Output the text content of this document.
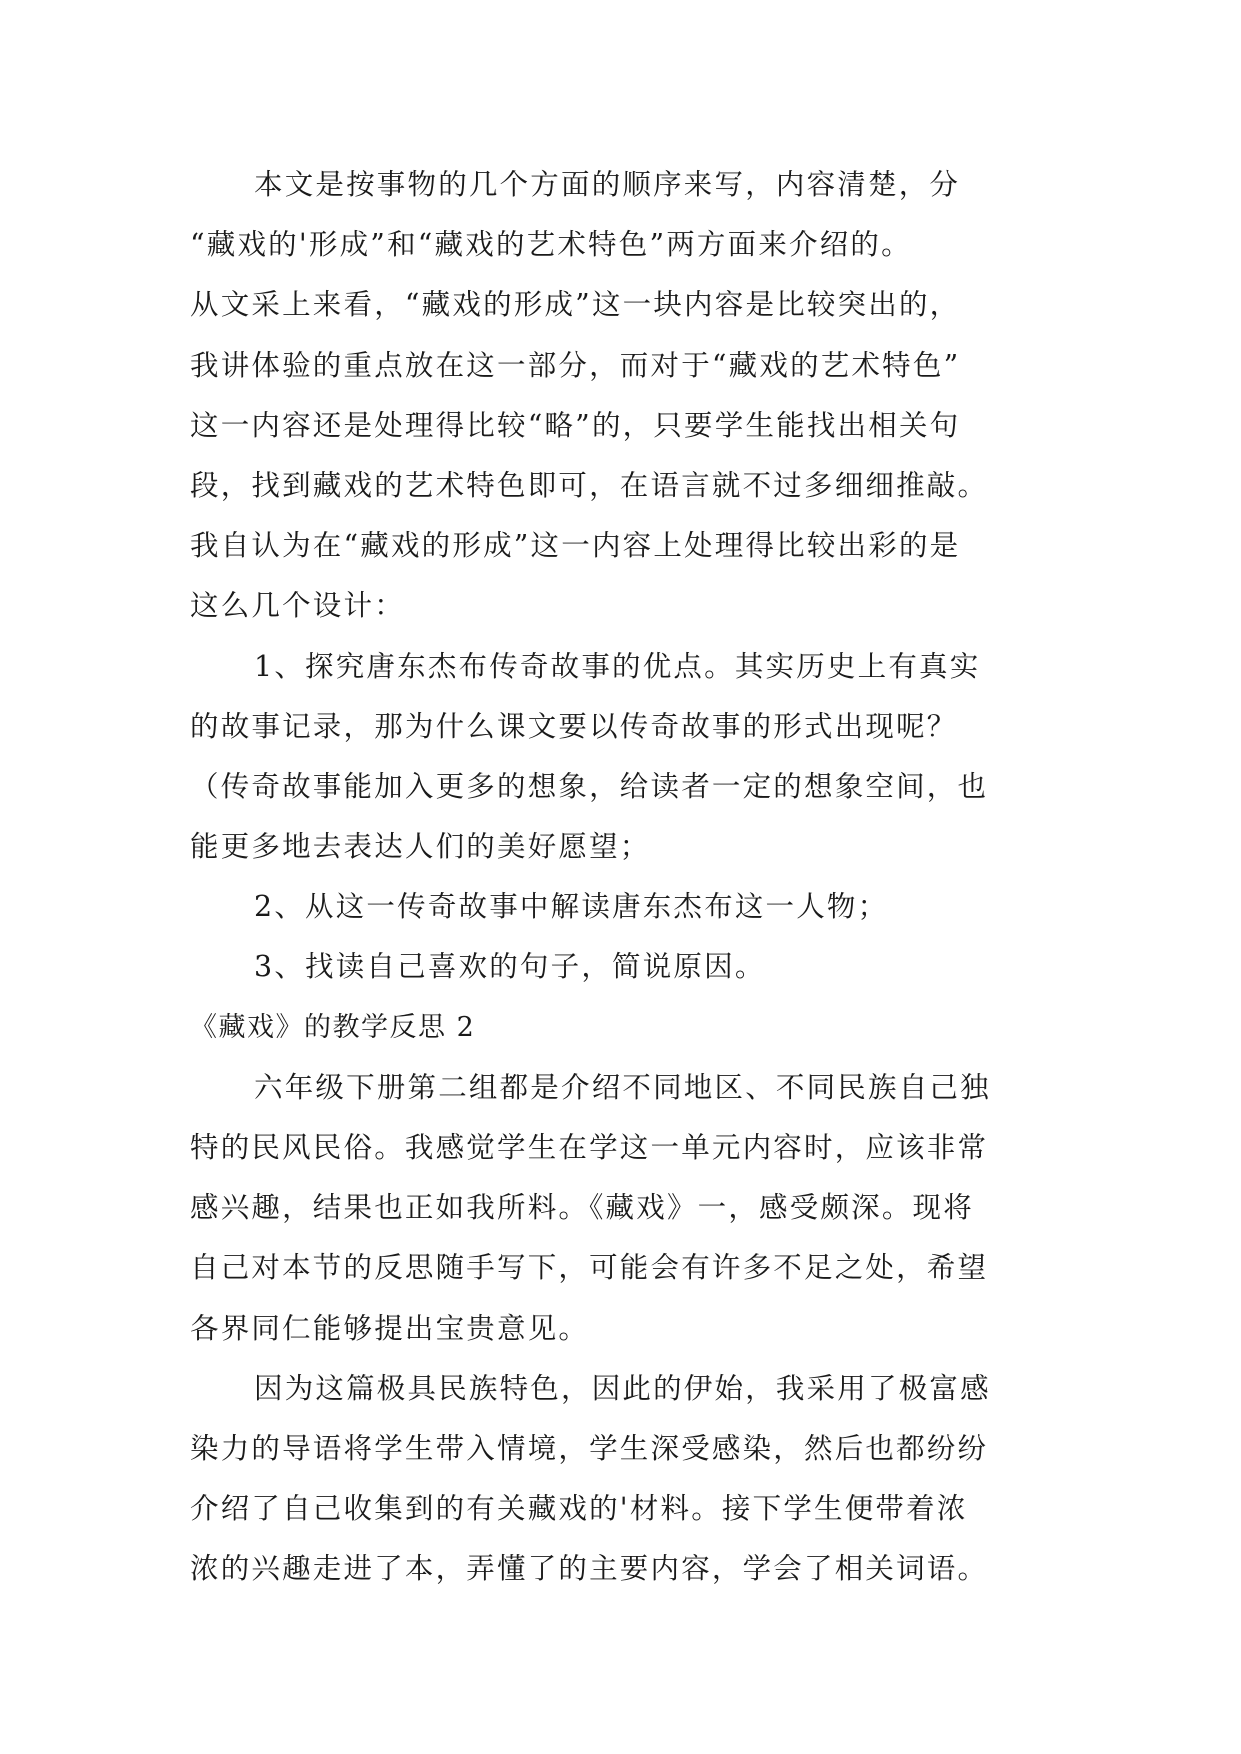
本文是按事物的几个方面的顺序来写，内容清楚，分
“藏戏的'形成”和“藏戏的艺术特色”两方面来介绍的。
从文采上来看，“藏戏的形成”这一块内容是比较突出的，
我讲体验的重点放在这一部分，而对于“藏戏的艺术特色”
这一内容还是处理得比较“略”的，只要学生能找出相关句
段，找到藏戏的艺术特色即可，在语言就不过多细细推敲。
我自认为在“藏戏的形成”这一内容上处理得比较出彩的是
这么几个设计：
1、探究唐东杰布传奇故事的优点。其实历史上有真实
的故事记录，那为什么课文要以传奇故事的形式出现呢？
（传奇故事能加入更多的想象，给读者一定的想象空间，也
能更多地去表达人们的美好愿望；
2、从这一传奇故事中解读唐东杰布这一人物；
3、找读自己喜欢的句子，简说原因。
《藏戏》的教学反思 2
六年级下册第二组都是介绍不同地区、不同民族自己独
特的民风民俗。我感觉学生在学这一单元内容时，应该非常
感兴趣，结果也正如我所料。《藏戏》一，感受颇深。现将
自己对本节的反思随手写下，可能会有许多不足之处，希望
各界同仁能够提出宝贵意见。
因为这篇极具民族特色，因此的伊始，我采用了极富感
染力的导语将学生带入情境，学生深受感染，然后也都纷纷
介绍了自己收集到的有关藏戏的'材料。接下学生便带着浓
浓的兴趣走进了本，弄懂了的主要内容，学会了相关词语。
